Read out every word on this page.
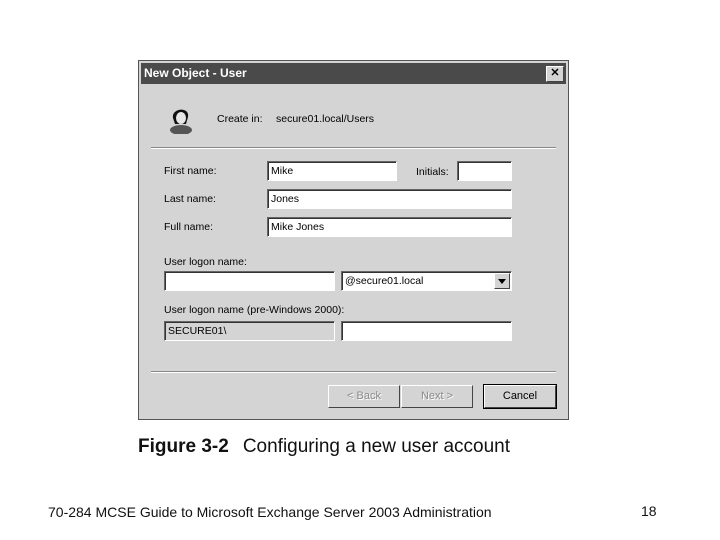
New Object - User	✕
Create in: secure01.local/Users
First name:	Mike	Initials:
Last name:	Jones
Full name:	Mike Jones
User logon name:
@secure01.local
User logon name (pre-Windows 2000):
SECURE01\
< Back	Next >	Cancel
Figure 3-2 Configuring a new user account
70-284 MCSE Guide to Microsoft Exchange Server 2003 Administration	18
